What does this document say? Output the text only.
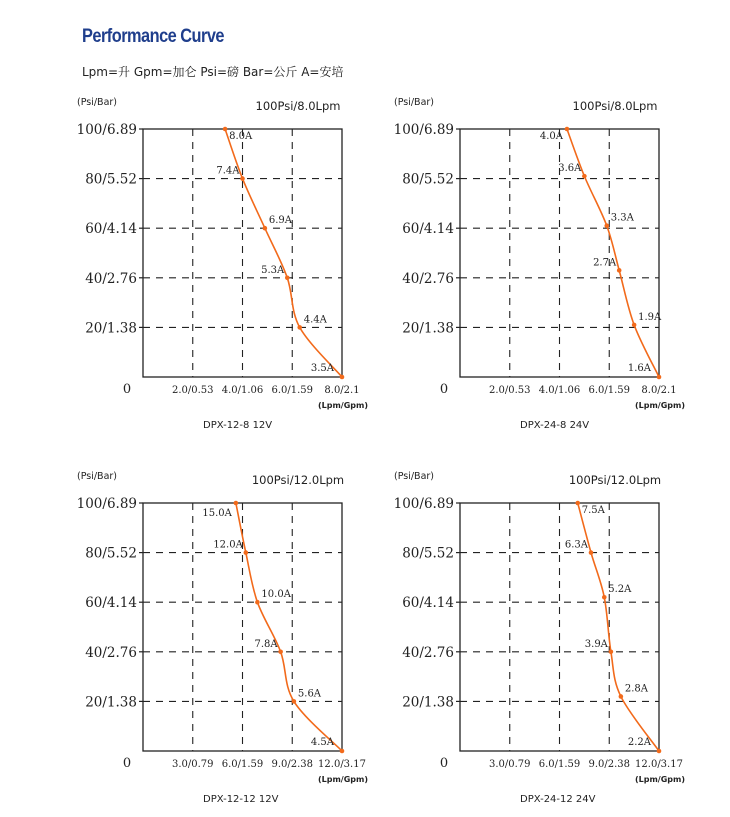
Performance Curve
Lpm=升 Gpm=加仑 Psi=磅 Bar=公斤 A=安培
0
20/1.38
40/2.76
60/4.14
80/5.52
100/6.89
2.0/0.53 4.0/1.06 6.0/1.59 8.0/2.1
(Psi/Bar)
(Lpm/Gpm)
100Psi/8.0Lpm
DPX-12-8 12V
8.0A
7.4A
6.9A
5.3A
4.4A
3.5A
0
20/1.38
40/2.76
60/4.14
80/5.52
100/6.89
2.0/0.53 4.0/1.06 6.0/1.59 8.0/2.1
(Psi/Bar)
(Lpm/Gpm)
100Psi/8.0Lpm
DPX-24-8 24V
4.0A
3.6A
3.3A
2.7A
1.9A
1.6A
0
20/1.38
40/2.76
60/4.14
80/5.52
100/6.89
3.0/0.79 6.0/1.59 9.0/2.38 12.0/3.17
(Psi/Bar)
(Lpm/Gpm)
100Psi/12.0Lpm
DPX-12-12 12V
15.0A
12.0A
10.0A
7.8A
5.6A
4.5A
0
20/1.38
40/2.76
60/4.14
80/5.52
100/6.89
3.0/0.79 6.0/1.59 9.0/2.38 12.0/3.17
(Psi/Bar)
(Lpm/Gpm)
100Psi/12.0Lpm
DPX-24-12 24V
7.5A
6.3A
5.2A
3.9A
2.8A
2.2A
